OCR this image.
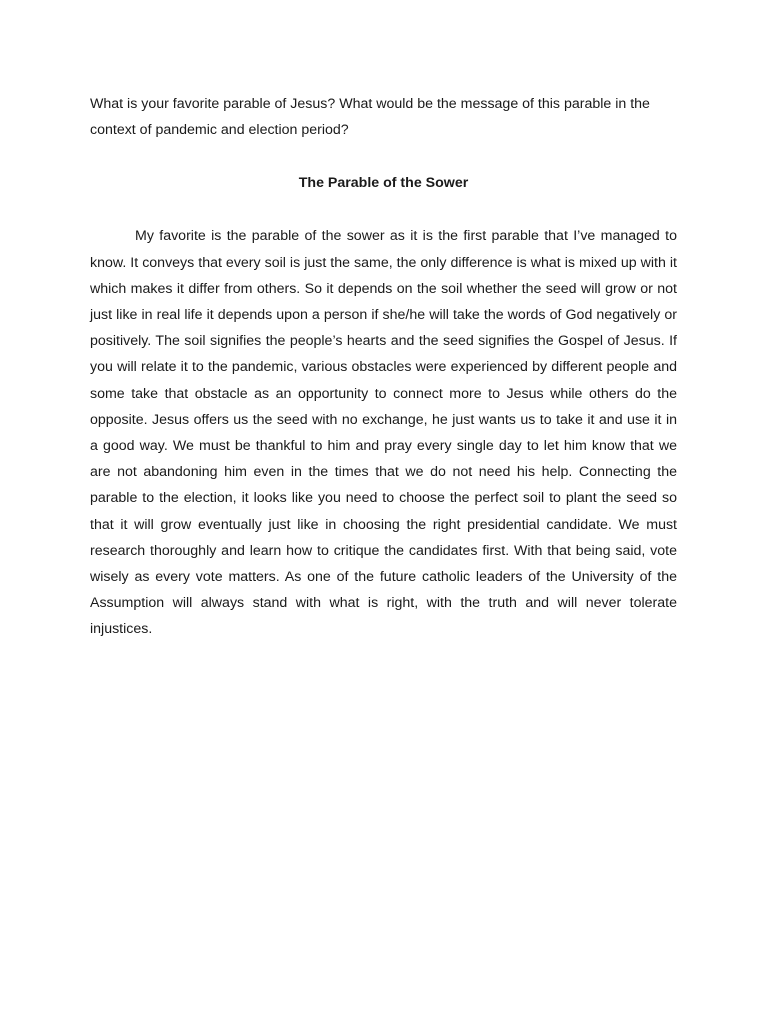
What is your favorite parable of Jesus? What would be the message of this parable in the context of pandemic and election period?

The Parable of the Sower

My favorite is the parable of the sower as it is the first parable that I’ve managed to know. It conveys that every soil is just the same, the only difference is what is mixed up with it which makes it differ from others. So it depends on the soil whether the seed will grow or not just like in real life it depends upon a person if she/he will take the words of God negatively or positively. The soil signifies the people’s hearts and the seed signifies the Gospel of Jesus. If you will relate it to the pandemic, various obstacles were experienced by different people and some take that obstacle as an opportunity to connect more to Jesus while others do the opposite. Jesus offers us the seed with no exchange, he just wants us to take it and use it in a good way. We must be thankful to him and pray every single day to let him know that we are not abandoning him even in the times that we do not need his help. Connecting the parable to the election, it looks like you need to choose the perfect soil to plant the seed so that it will grow eventually just like in choosing the right presidential candidate. We must research thoroughly and learn how to critique the candidates first. With that being said, vote wisely as every vote matters. As one of the future catholic leaders of the University of the Assumption will always stand with what is right, with the truth and will never tolerate injustices.
